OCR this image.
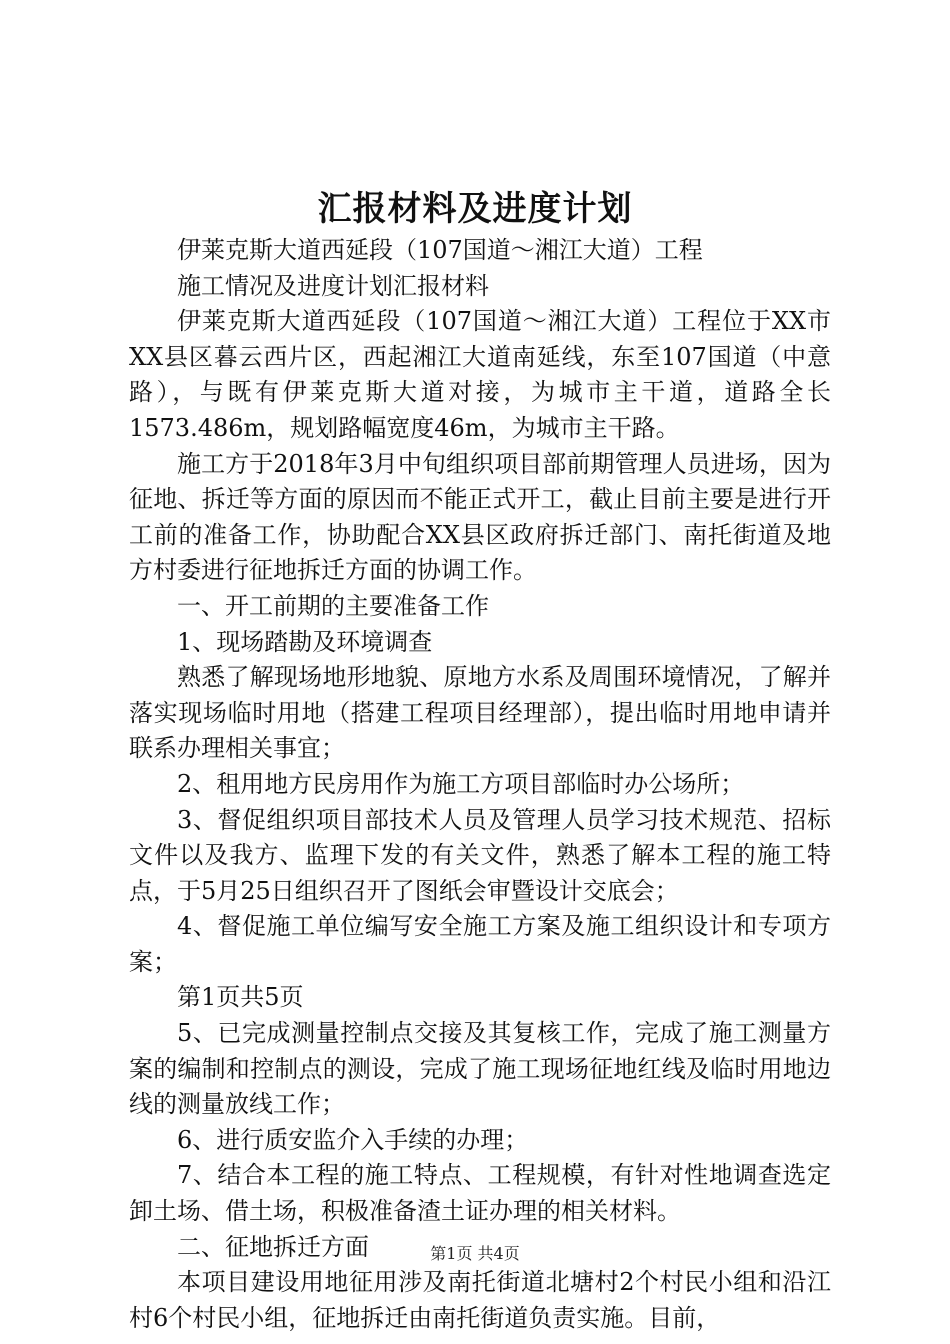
汇报材料及进度计划

伊莱克斯大道西延段（107国道～湘江大道）工程

施工情况及进度计划汇报材料

伊莱克斯大道西延段（107国道～湘江大道）工程位于XX市XX县区暮云西片区，西起湘江大道南延线，东至107国道（中意路），与既有伊莱克斯大道对接，为城市主干道，道路全长1573.486m，规划路幅宽度46m，为城市主干路。

施工方于2018年3月中旬组织项目部前期管理人员进场，因为征地、拆迁等方面的原因而不能正式开工，截止目前主要是进行开工前的准备工作，协助配合XX县区政府拆迁部门、南托街道及地方村委进行征地拆迁方面的协调工作。

一、开工前期的主要准备工作

1、现场踏勘及环境调查

熟悉了解现场地形地貌、原地方水系及周围环境情况，了解并落实现场临时用地（搭建工程项目经理部），提出临时用地申请并联系办理相关事宜；

2、租用地方民房用作为施工方项目部临时办公场所；

3、督促组织项目部技术人员及管理人员学习技术规范、招标文件以及我方、监理下发的有关文件，熟悉了解本工程的施工特点，于5月25日组织召开了图纸会审暨设计交底会；

4、督促施工单位编写安全施工方案及施工组织设计和专项方案；

第1页共5页

5、已完成测量控制点交接及其复核工作，完成了施工测量方案的编制和控制点的测设，完成了施工现场征地红线及临时用地边线的测量放线工作；

6、进行质安监介入手续的办理；

7、结合本工程的施工特点、工程规模，有针对性地调查选定卸土场、借土场，积极准备渣土证办理的相关材料。

二、征地拆迁方面

本项目建设用地征用涉及南托街道北塘村2个村民小组和沿江村6个村民小组，征地拆迁由南托街道负责实施。目前，

第1页 共4页
